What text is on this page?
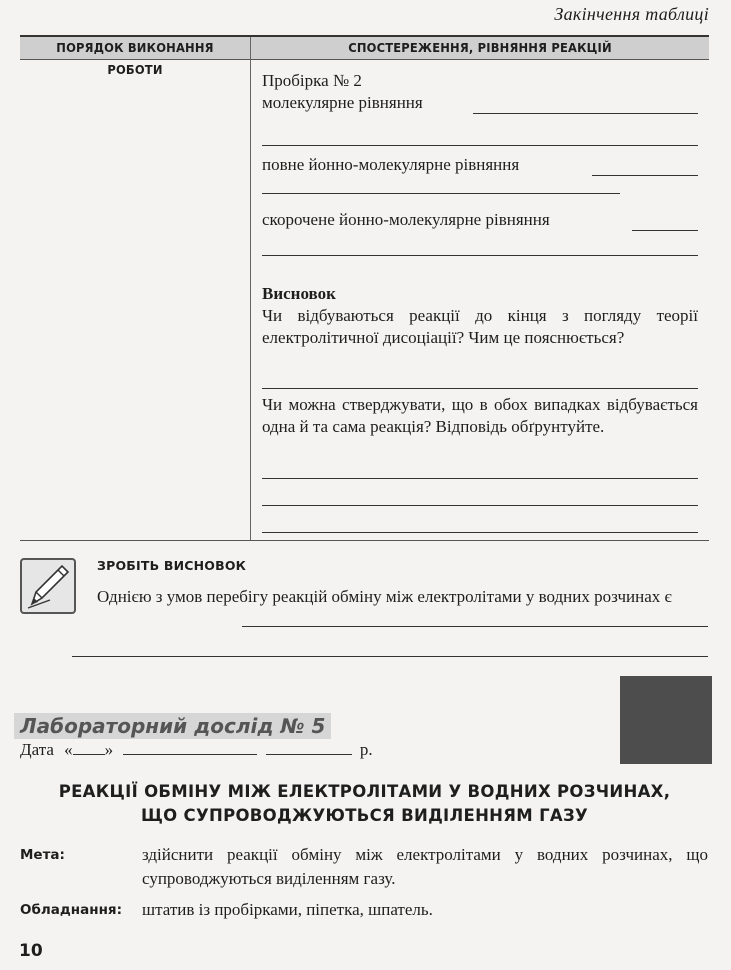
Закінчення таблиці
ПОРЯДОК ВИКОНАННЯ РОБОТИ
СПОСТЕРЕЖЕННЯ, РІВНЯННЯ РЕАКЦІЙ
Пробірка № 2
молекулярне рівняння
повне йонно-молекулярне рівняння
скорочене йонно-молекулярне рівняння
Висновок
Чи відбуваються реакції до кінця з погляду теорії електролітичної дисоціації? Чим це пояснюється?
Чи можна стверджувати, що в обох випадках відбувається одна й та сама реакція? Відповідь обґрунтуйте.
ЗРОБІТЬ ВИСНОВОК
Однією з умов перебігу реакцій обміну між електролітами у водних розчинах є
Лабораторний дослід № 5
Дата « »	р.
РЕАКЦІЇ ОБМІНУ МІЖ ЕЛЕКТРОЛІТАМИ У ВОДНИХ РОЗЧИНАХ,
ЩО СУПРОВОДЖУЮТЬСЯ ВИДІЛЕННЯМ ГАЗУ
Мета:	здійснити реакції обміну між електролітами у водних розчинах, що супроводжуються виділенням газу.
Обладнання: штатив із пробірками, піпетка, шпатель.
10
